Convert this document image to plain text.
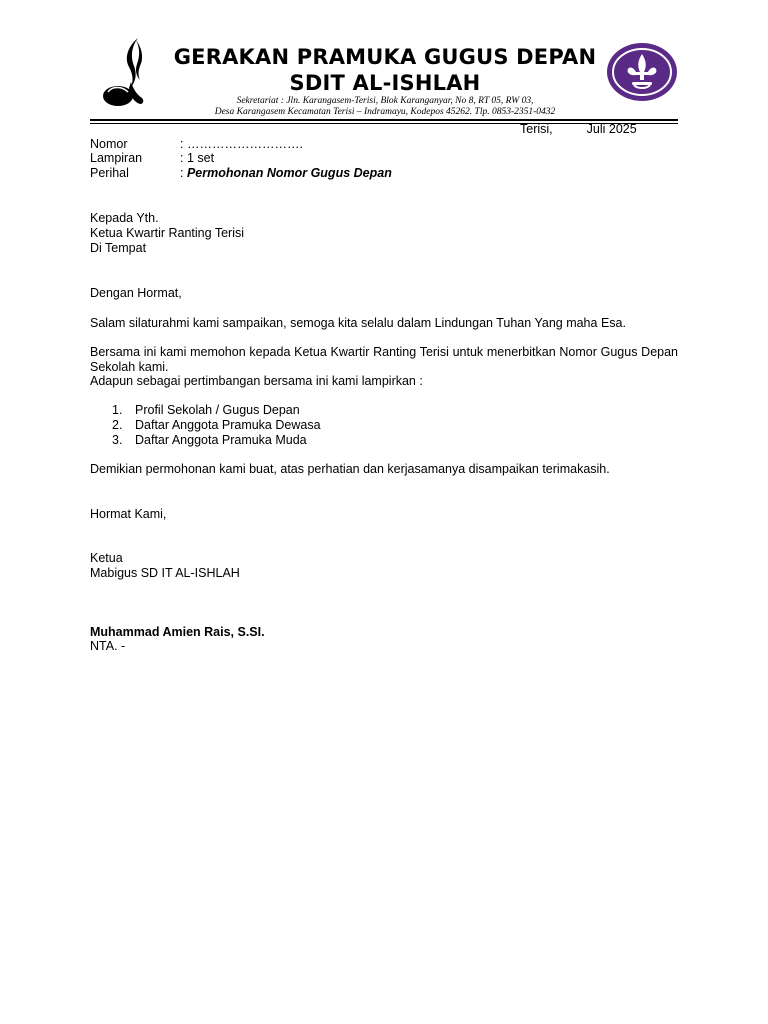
GERAKAN PRAMUKA GUGUS DEPAN
SDIT AL-ISHLAH
Sekretariat : Jln. Karangasem-Terisi, Blok Karanganyar, No 8, RT 05, RW 03,
Desa Karangasem Kecamatan Terisi – Indramayu, Kodepos 45262. Tlp. 0853-2351-0432
Terisi,	Juli 2025
Nomor	: ……………………….
Lampiran	: 1 set
Perihal	: Permohonan Nomor Gugus Depan
Kepada Yth.
Ketua Kwartir Ranting Terisi
Di Tempat
Dengan Hormat,
Salam silaturahmi kami sampaikan, semoga kita selalu dalam Lindungan Tuhan Yang maha Esa.
Bersama ini kami memohon kepada Ketua Kwartir Ranting Terisi untuk menerbitkan Nomor Gugus Depan Sekolah kami.
Adapun sebagai pertimbangan bersama ini kami lampirkan :
1. Profil Sekolah / Gugus Depan
2. Daftar Anggota Pramuka Dewasa
3. Daftar Anggota Pramuka Muda
Demikian permohonan kami buat, atas perhatian dan kerjasamanya disampaikan terimakasih.
Hormat Kami,
Ketua
Mabigus SD IT AL-ISHLAH
Muhammad Amien Rais, S.SI.
NTA. -
